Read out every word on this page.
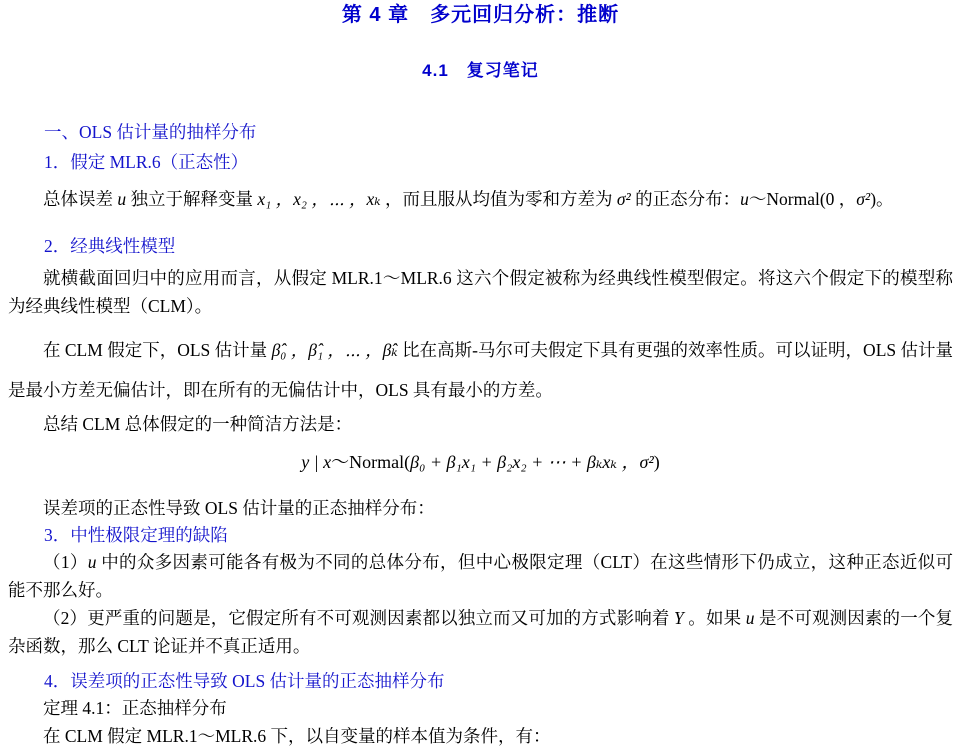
第 4 章　多元回归分析：推断
4.1　复习笔记
一、OLS 估计量的抽样分布
1．假定 MLR.6（正态性）

总体误差 u 独立于解释变量 x₁ ，x₂ ，⋯ ，xₖ ，而且服从均值为零和方差为 σ² 的正态分布：u～Normal(0 ，σ²)。

2．经典线性模型

就横截面回归中的应用而言，从假定 MLR.1～MLR.6 这六个假定被称为经典线性模型假定。将这六个假定下的模型称为经典线性模型（CLM）。

在 CLM 假定下，OLS 估计量 β̂₀ ，β̂₁ ，⋯ ，β̂ₖ 比在高斯-马尔可夫假定下具有更强的效率性质。可以证明，OLS 估计量是最小方差无偏估计，即在所有的无偏估计中，OLS 具有最小的方差。

总结 CLM 总体假定的一种简洁方法是：

y | x～Normal(β₀ + β₁x₁ + β₂x₂ + ⋯ + βₖxₖ ，σ²)

误差项的正态性导致 OLS 估计量的正态抽样分布：

3．中性极限定理的缺陷

（1）u 中的众多因素可能各有极为不同的总体分布，但中心极限定理（CLT）在这些情形下仍成立，这种正态近似可能不那么好。

（2）更严重的问题是，它假定所有不可观测因素都以独立而又可加的方式影响着 Y 。如果 u 是不可观测因素的一个复杂函数，那么 CLT 论证并不真正适用。

4．误差项的正态性导致 OLS 估计量的正态抽样分布

定理 4.1：正态抽样分布

在 CLM 假定 MLR.1～MLR.6 下，以自变量的样本值为条件，有：
